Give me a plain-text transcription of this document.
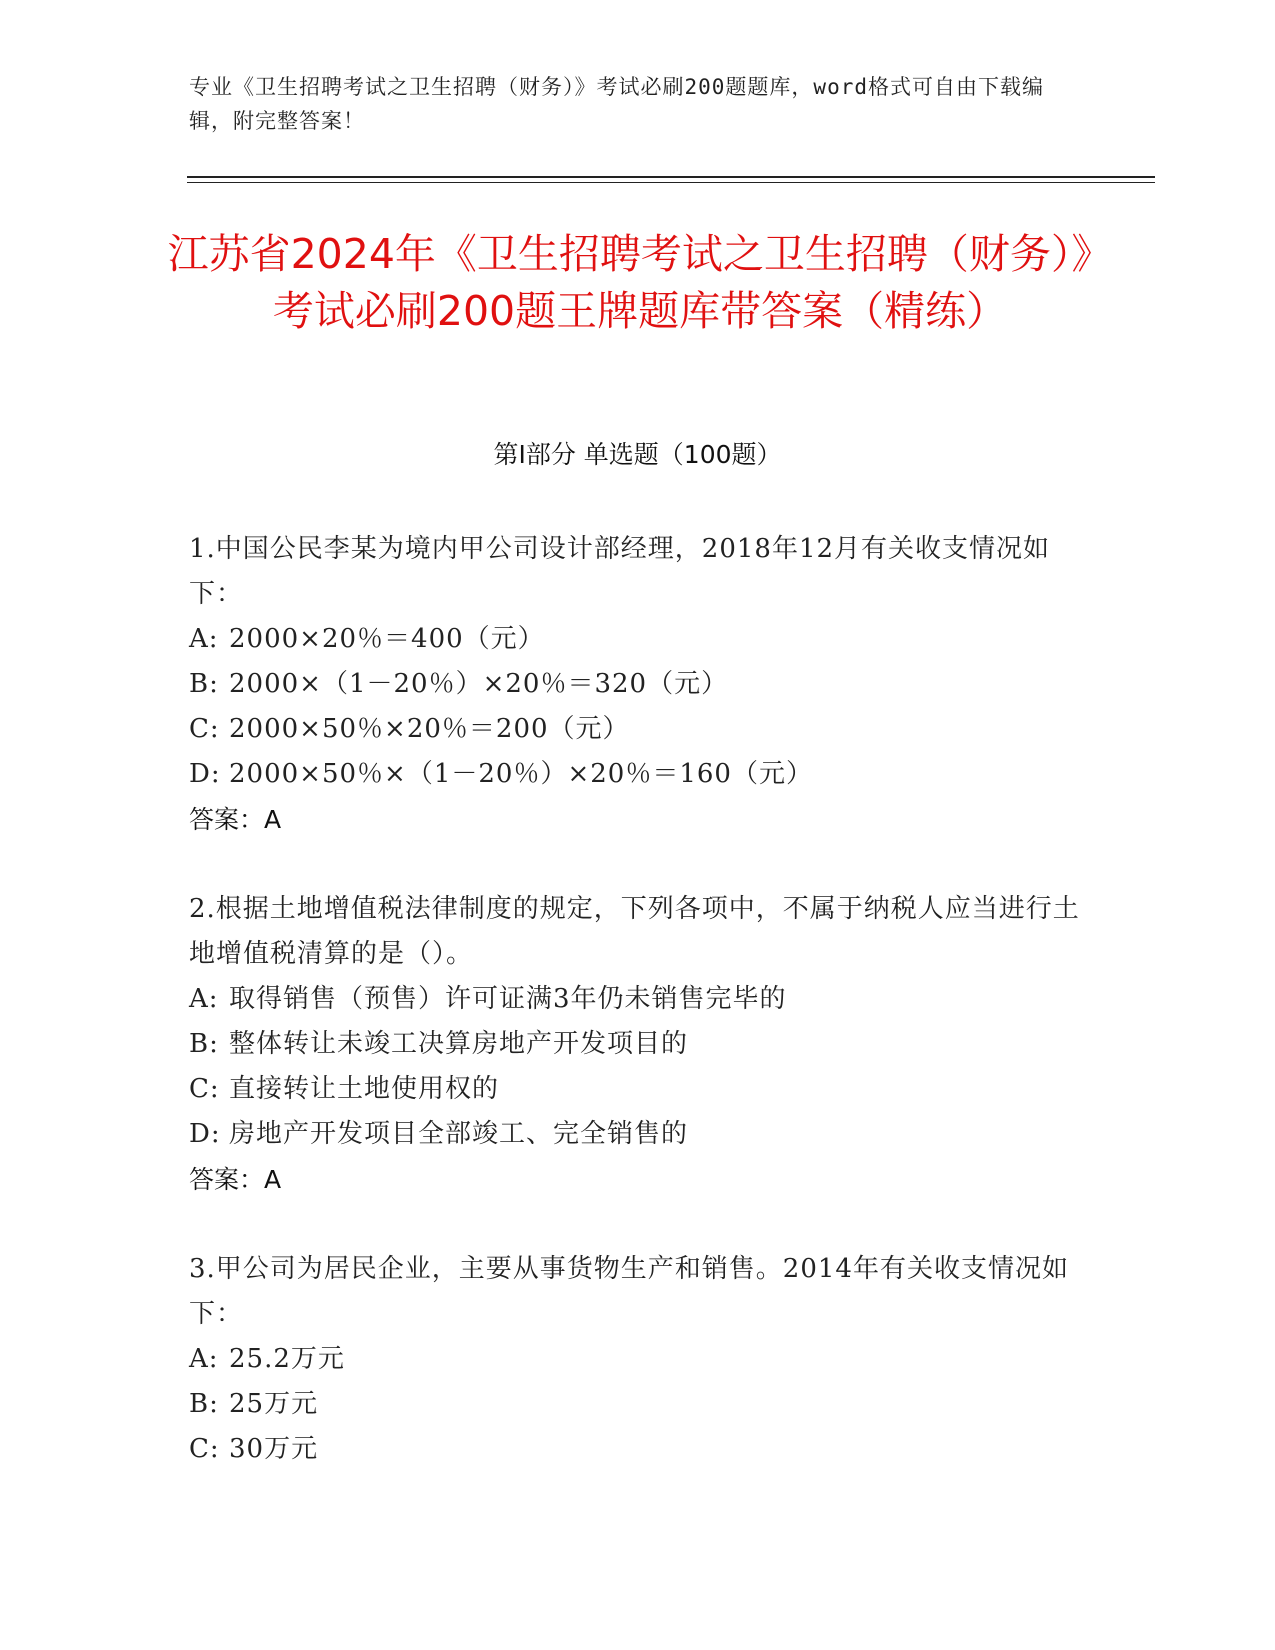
专业《卫生招聘考试之卫生招聘（财务）》考试必刷200题题库，word格式可自由下载编辑，附完整答案！
江苏省2024年《卫生招聘考试之卫生招聘（财务）》考试必刷200题王牌题库带答案（精练）
第I部分 单选题（100题）
1.中国公民李某为境内甲公司设计部经理，2018年12月有关收支情况如下：
A: 2000×20％＝400（元）
B: 2000×（1－20％）×20％＝320（元）
C: 2000×50％×20％＝200（元）
D: 2000×50％×（1－20％）×20％＝160（元）
答案：A
2.根据土地增值税法律制度的规定，下列各项中，不属于纳税人应当进行土地增值税清算的是（）。
A: 取得销售（预售）许可证满3年仍未销售完毕的
B: 整体转让未竣工决算房地产开发项目的
C: 直接转让土地使用权的
D: 房地产开发项目全部竣工、完全销售的
答案：A
3.甲公司为居民企业，主要从事货物生产和销售。2014年有关收支情况如下：
A: 25.2万元
B: 25万元
C: 30万元
